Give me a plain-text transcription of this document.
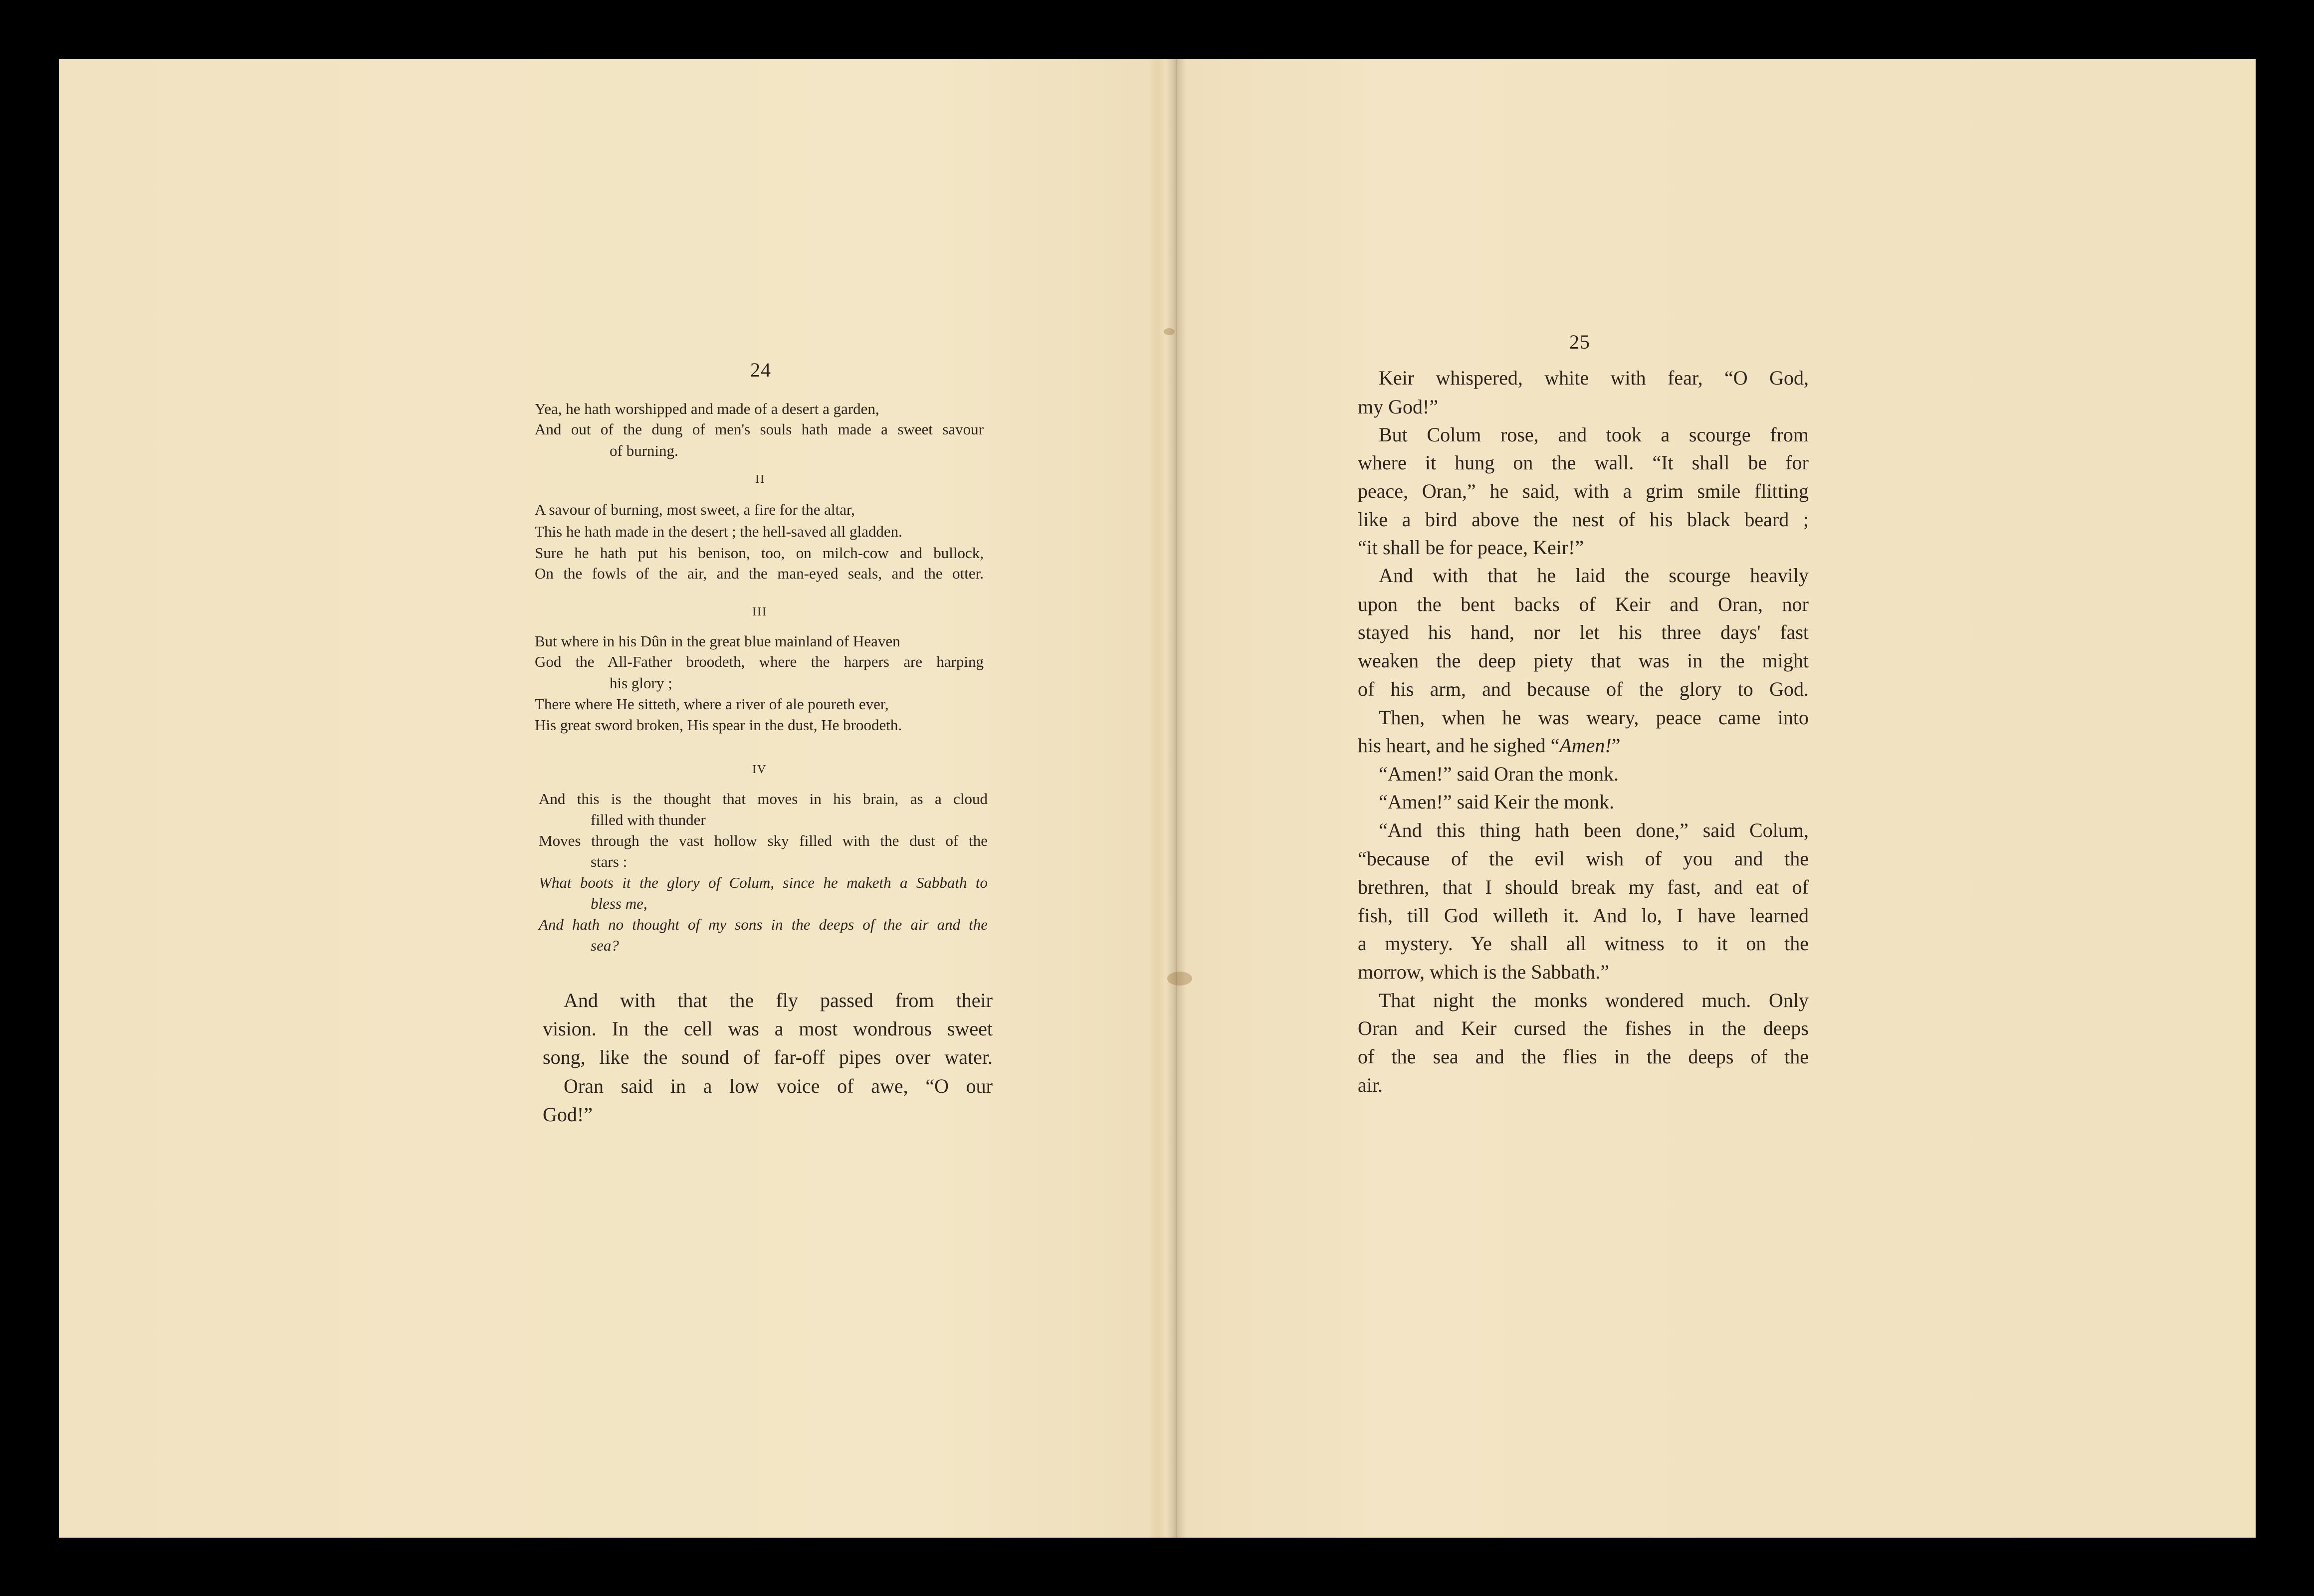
24
Yea, he hath worshipped and made of a desert a garden,
And out of the dung of men's souls hath made a sweet savour
of burning.
II
A savour of burning, most sweet, a fire for the altar,
This he hath made in the desert ; the hell-saved all gladden.
Sure he hath put his benison, too, on milch-cow and bullock,
On the fowls of the air, and the man-eyed seals, and the otter.
III
But where in his Dûn in the great blue mainland of Heaven
God the All-Father broodeth, where the harpers are harping
his glory ;
There where He sitteth, where a river of ale poureth ever,
His great sword broken, His spear in the dust, He broodeth.
IV
And this is the thought that moves in his brain, as a cloud
filled with thunder
Moves through the vast hollow sky filled with the dust of the
stars :
What boots it the glory of Colum, since he maketh a Sabbath to
bless me,
And hath no thought of my sons in the deeps of the air and the
sea?
And with that the fly passed from their
vision. In the cell was a most wondrous sweet
song, like the sound of far-off pipes over water.
Oran said in a low voice of awe, “O our
God!”
25
Keir whispered, white with fear, “O God,
my God!”
But Colum rose, and took a scourge from
where it hung on the wall. “It shall be for
peace, Oran,” he said, with a grim smile flitting
like a bird above the nest of his black beard ;
“it shall be for peace, Keir!”
And with that he laid the scourge heavily
upon the bent backs of Keir and Oran, nor
stayed his hand, nor let his three days' fast
weaken the deep piety that was in the might
of his arm, and because of the glory to God.
Then, when he was weary, peace came into
his heart, and he sighed “Amen!”
“Amen!” said Oran the monk.
“Amen!” said Keir the monk.
“And this thing hath been done,” said Colum,
“because of the evil wish of you and the
brethren, that I should break my fast, and eat of
fish, till God willeth it. And lo, I have learned
a mystery. Ye shall all witness to it on the
morrow, which is the Sabbath.”
That night the monks wondered much. Only
Oran and Keir cursed the fishes in the deeps
of the sea and the flies in the deeps of the
air.
